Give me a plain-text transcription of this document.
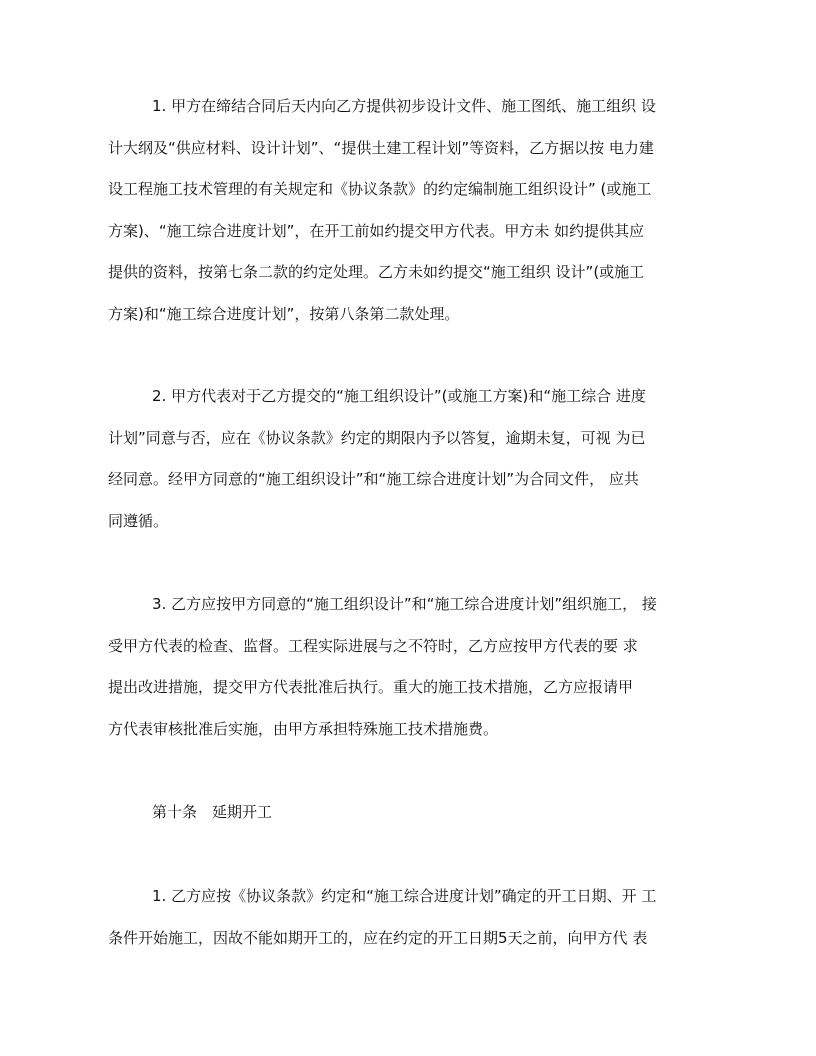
1. 甲方在缔结合同后天内向乙方提供初步设计文件、施工图纸、施工组织 设
计大纲及“供应材料、设计计划”、“提供土建工程计划”等资料，乙方据以按 电力建
设工程施工技术管理的有关规定和《协议条款》的约定编制施工组织设计” (或施工
方案)、“施工综合进度计划”，在开工前如约提交甲方代表。甲方未 如约提供其应
提供的资料，按第七条二款的约定处理。乙方未如约提交“施工组织 设计”(或施工
方案)和“施工综合进度计划”，按第八条第二款处理。
2. 甲方代表对于乙方提交的“施工组织设计”(或施工方案)和“施工综合 进度
计划”同意与否，应在《协议条款》约定的期限内予以答复，逾期未复，可视 为已
经同意。经甲方同意的“施工组织设计”和“施工综合进度计划”为合同文件， 应共
同遵循。
3. 乙方应按甲方同意的“施工组织设计”和“施工综合进度计划”组织施工， 接
受甲方代表的检查、监督。工程实际进展与之不符时，乙方应按甲方代表的要 求
提出改进措施，提交甲方代表批准后执行。重大的施工技术措施，乙方应报请甲
方代表审核批准后实施，由甲方承担特殊施工技术措施费。
第十条　延期开工
1. 乙方应按《协议条款》约定和“施工综合进度计划”确定的开工日期、开 工
条件开始施工，因故不能如期开工的，应在约定的开工日期5天之前，向甲方代 表
